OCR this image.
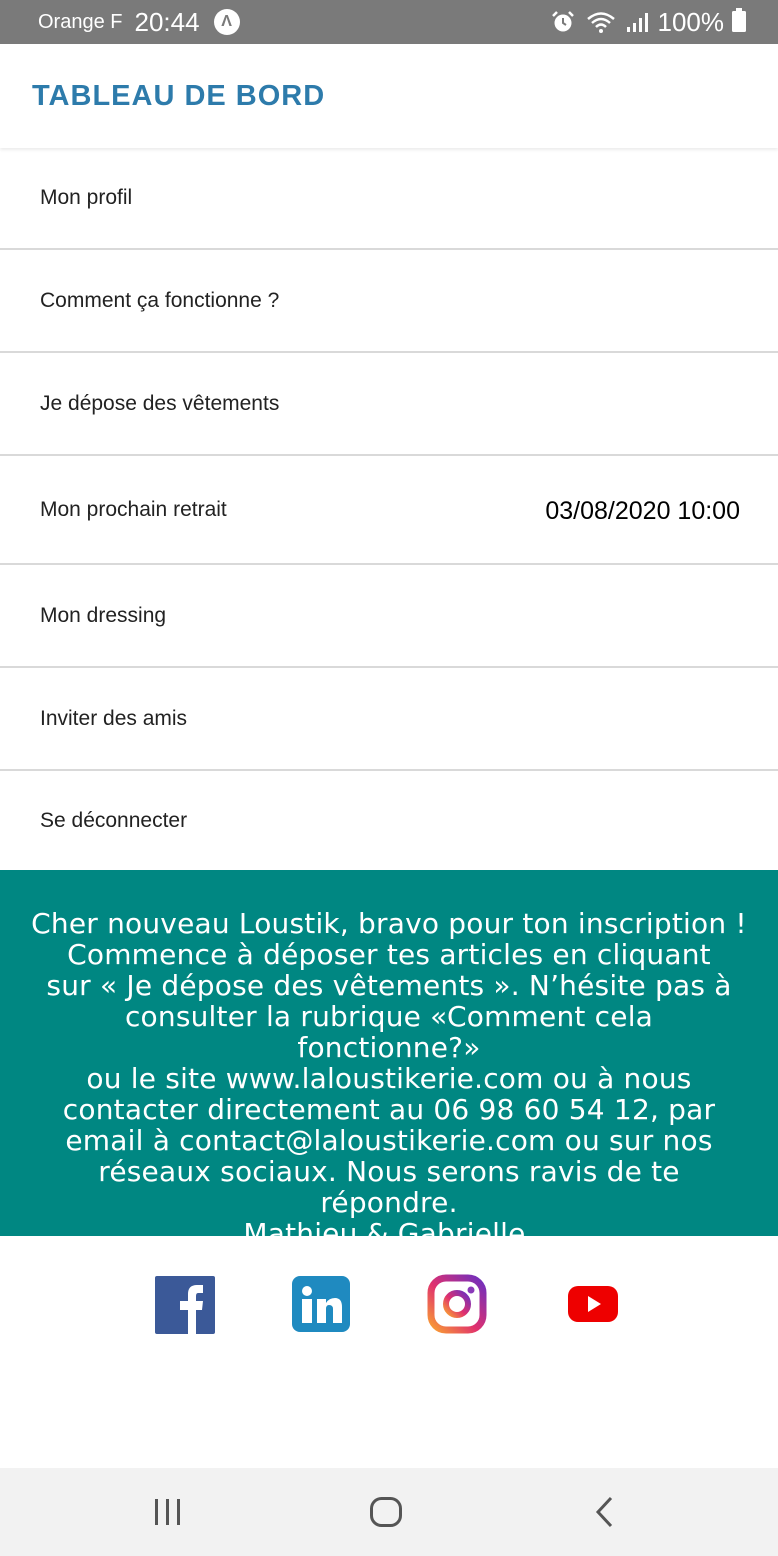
Orange F 20:44	Λ	100%
TABLEAU DE BORD
Mon profil
Comment ça fonctionne ?
Je dépose des vêtements
Mon prochain retrait	03/08/2020 10:00
Mon dressing
Inviter des amis
Se déconnecter
Cher nouveau Loustik, bravo pour ton inscription !
Commence à déposer tes articles en cliquant
sur « Je dépose des vêtements ». N’hésite pas à
consulter la rubrique «Comment cela fonctionne?»
ou le site www.laloustikerie.com ou à nous
contacter directement au 06 98 60 54 12, par
email à contact@laloustikerie.com ou sur nos
réseaux sociaux. Nous serons ravis de te répondre.
Mathieu & Gabrielle.
